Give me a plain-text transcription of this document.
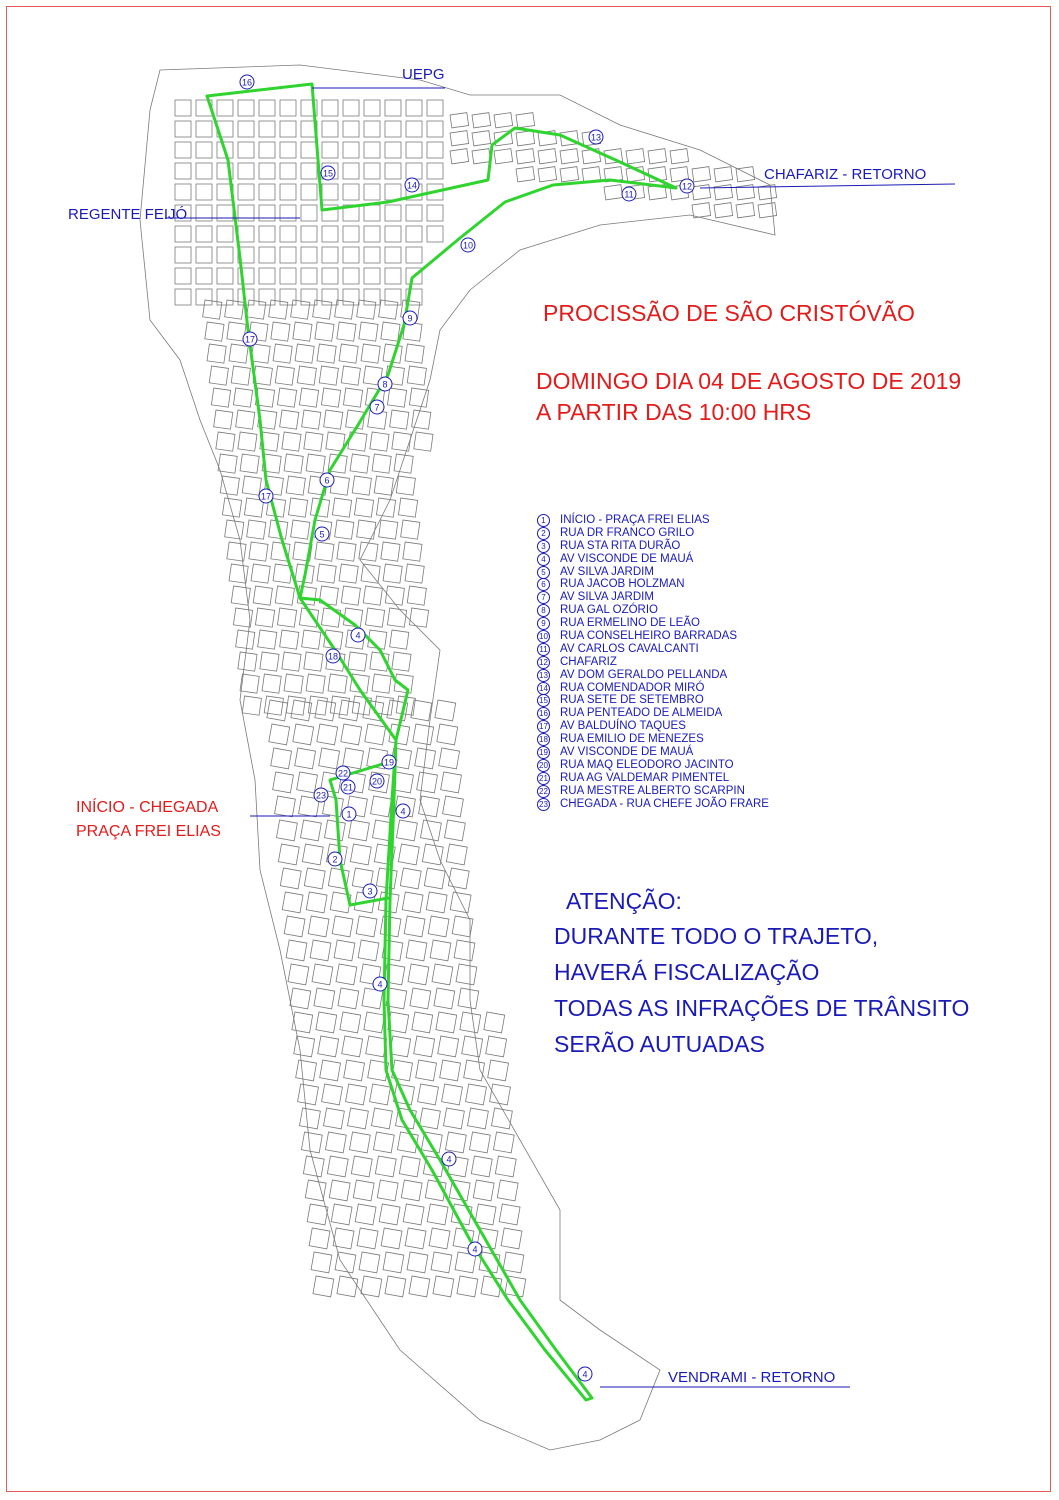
16
15
14
13
12
11
10
9
8
7
6
5
17
17
4
18
19
22
20
21
23
1
2
3
4
4
4
4
4
PROCISSÃO DE SÃO CRISTÓVÃO
DOMINGO DIA 04 DE AGOSTO DE 2019
A PARTIR DAS 10:00 HRS
UEPG
CHAFARIZ - RETORNO
REGENTE FEIJÓ
VENDRAMI - RETORNO
INÍCIO - CHEGADA
PRAÇA FREI ELIAS
1	INÍCIO - PRAÇA FREI ELIAS
2	RUA DR FRANCO GRILO
3	RUA STA RITA DURÃO
4	AV VISCONDE DE MAUÁ
5	AV SILVA JARDIM
6	RUA JACOB HOLZMAN
7	AV SILVA JARDIM
8	RUA GAL OZÓRIO
9	RUA ERMELINO DE LEÃO
10 RUA CONSELHEIRO BARRADAS
11 AV CARLOS CAVALCANTI
12 CHAFARIZ
13 AV DOM GERALDO PELLANDA
14 RUA COMENDADOR MIRÓ
15 RUA SETE DE SETEMBRO
16 RUA PENTEADO DE ALMEIDA
17 AV BALDUÍNO TAQUES
18 RUA EMILIO DE MENEZES
19 AV VISCONDE DE MAUÁ
20 RUA MAQ ELEODORO JACINTO
21 RUA AG VALDEMAR PIMENTEL
22 RUA MESTRE ALBERTO SCARPIN
23 CHEGADA - RUA CHEFE JOÃO FRARE
ATENÇÃO:
DURANTE TODO O TRAJETO,
HAVERÁ FISCALIZAÇÃO
TODAS AS INFRAÇÕES DE TRÂNSITO
SERÃO AUTUADAS
